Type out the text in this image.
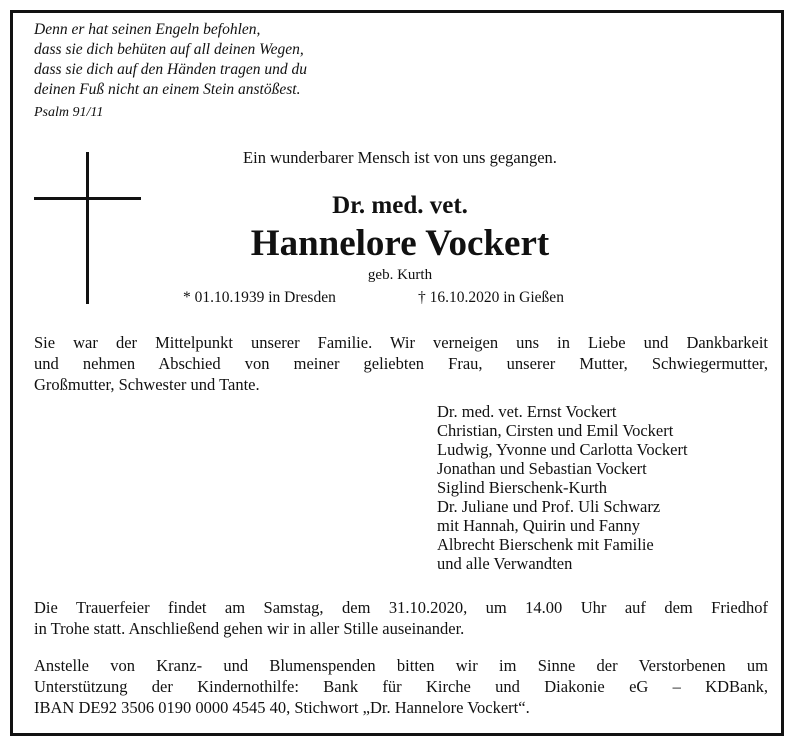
Denn er hat seinen Engeln befohlen,
dass sie dich behüten auf all deinen Wegen,
dass sie dich auf den Händen tragen und du
deinen Fuß nicht an einem Stein anstößest.
Psalm 91/11
Ein wunderbarer Mensch ist von uns gegangen.
Dr. med. vet.
Hannelore Vockert
geb. Kurth
* 01.10.1939 in Dresden	† 16.10.2020 in Gießen
Sie war der Mittelpunkt unserer Familie. Wir verneigen uns in Liebe und Dankbarkeit
und nehmen Abschied von meiner geliebten Frau, unserer Mutter, Schwiegermutter,
Großmutter, Schwester und Tante.
Dr. med. vet. Ernst Vockert
Christian, Cirsten und Emil Vockert
Ludwig, Yvonne und Carlotta Vockert
Jonathan und Sebastian Vockert
Siglind Bierschenk-Kurth
Dr. Juliane und Prof. Uli Schwarz
mit Hannah, Quirin und Fanny
Albrecht Bierschenk mit Familie
und alle Verwandten
Die Trauerfeier findet am Samstag, dem 31.10.2020, um 14.00 Uhr auf dem Friedhof
in Trohe statt. Anschließend gehen wir in aller Stille auseinander.
Anstelle von Kranz- und Blumenspenden bitten wir im Sinne der Verstorbenen um
Unterstützung der Kindernothilfe: Bank für Kirche und Diakonie eG – KDBank,
IBAN DE92 3506 0190 0000 4545 40, Stichwort „Dr. Hannelore Vockert“.
